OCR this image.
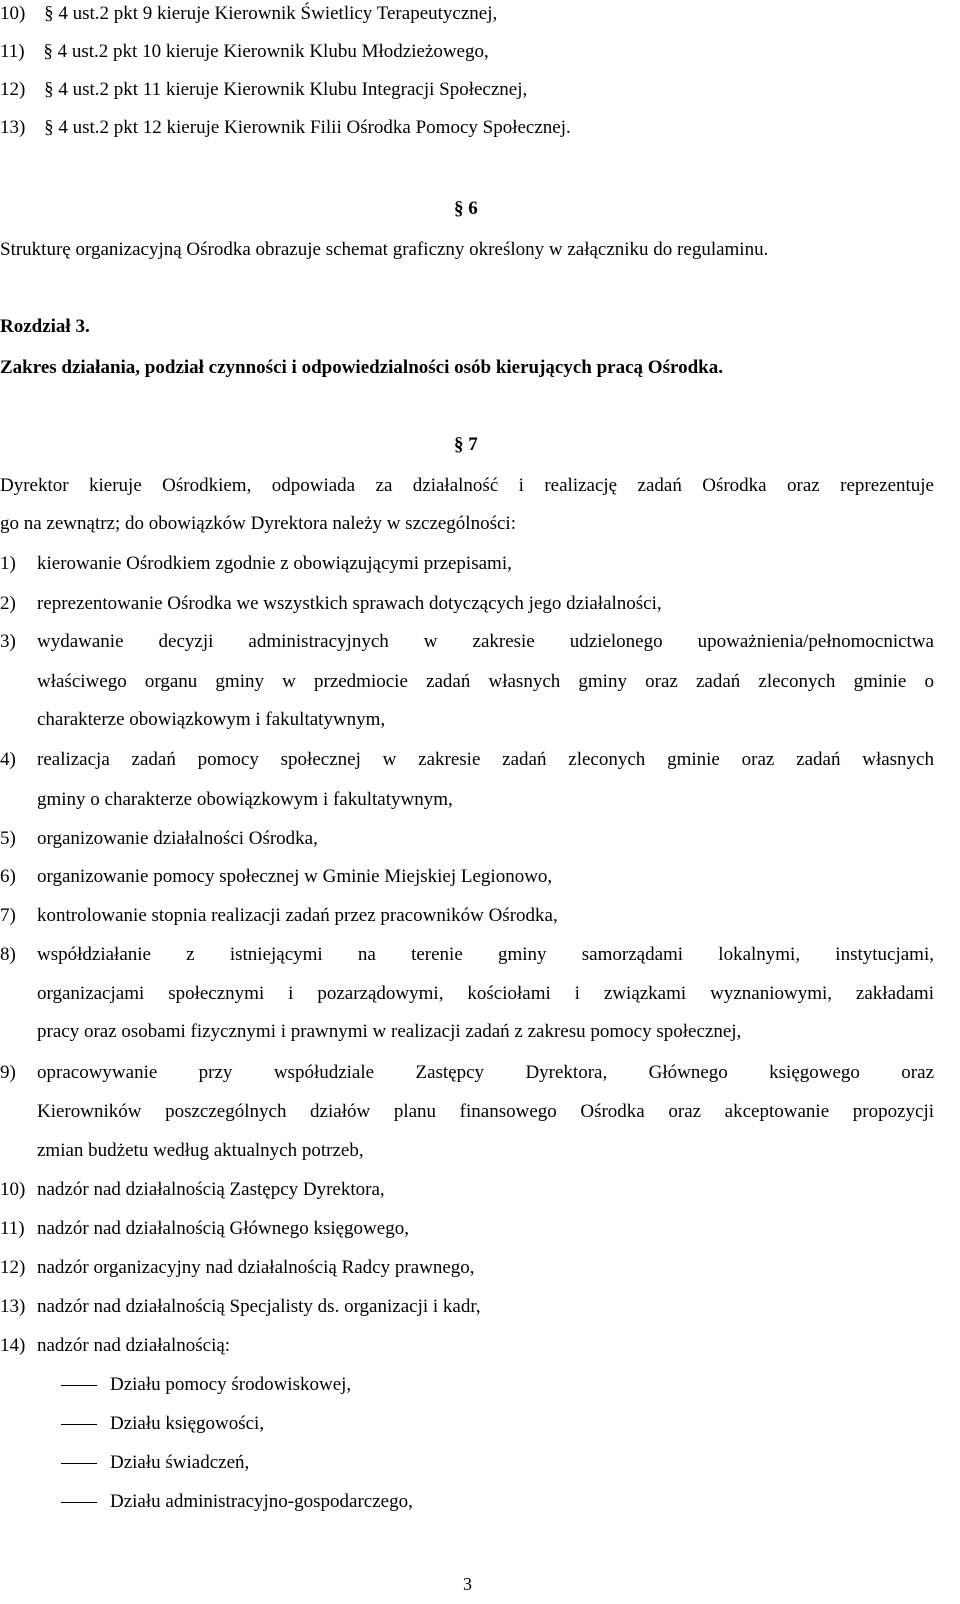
10) § 4 ust.2 pkt 9 kieruje Kierownik Świetlicy Terapeutycznej,
11) § 4 ust.2 pkt 10 kieruje Kierownik Klubu Młodzieżowego,
12) § 4 ust.2 pkt 11 kieruje Kierownik Klubu Integracji Społecznej,
13) § 4 ust.2 pkt 12 kieruje Kierownik Filii Ośrodka Pomocy Społecznej.
§ 6
Strukturę organizacyjną Ośrodka obrazuje schemat graficzny określony w załączniku do regulaminu.
Rozdział 3.
Zakres działania, podział czynności i odpowiedzialności osób kierujących pracą Ośrodka.
§ 7
Dyrektor kieruje Ośrodkiem, odpowiada za działalność i realizację zadań Ośrodka oraz reprezentuje
go na zewnątrz; do obowiązków Dyrektora należy w szczególności:
1) kierowanie Ośrodkiem zgodnie z obowiązującymi przepisami,
2) reprezentowanie Ośrodka we wszystkich sprawach dotyczących jego działalności,
3) wydawanie decyzji administracyjnych w zakresie udzielonego upoważnienia/pełnomocnictwa
właściwego organu gminy w przedmiocie zadań własnych gminy oraz zadań zleconych gminie o
charakterze obowiązkowym i fakultatywnym,
4) realizacja zadań pomocy społecznej w zakresie zadań zleconych gminie oraz zadań własnych
gminy o charakterze obowiązkowym i fakultatywnym,
5) organizowanie działalności Ośrodka,
6) organizowanie pomocy społecznej w Gminie Miejskiej Legionowo,
7) kontrolowanie stopnia realizacji zadań przez pracowników Ośrodka,
8) współdziałanie z istniejącymi na terenie gminy samorządami lokalnymi, instytucjami,
organizacjami społecznymi i pozarządowymi, kościołami i związkami wyznaniowymi, zakładami
pracy oraz osobami fizycznymi i prawnymi w realizacji zadań z zakresu pomocy społecznej,
9) opracowywanie przy współudziale Zastępcy Dyrektora, Głównego księgowego oraz
Kierowników poszczególnych działów planu finansowego Ośrodka oraz akceptowanie propozycji
zmian budżetu według aktualnych potrzeb,
10) nadzór nad działalnością Zastępcy Dyrektora,
11) nadzór nad działalnością Głównego księgowego,
12) nadzór organizacyjny nad działalnością Radcy prawnego,
13) nadzór nad działalnością Specjalisty ds. organizacji i kadr,
14) nadzór nad działalnością:
Działu pomocy środowiskowej,
Działu księgowości,
Działu świadczeń,
Działu administracyjno-gospodarczego,
3
